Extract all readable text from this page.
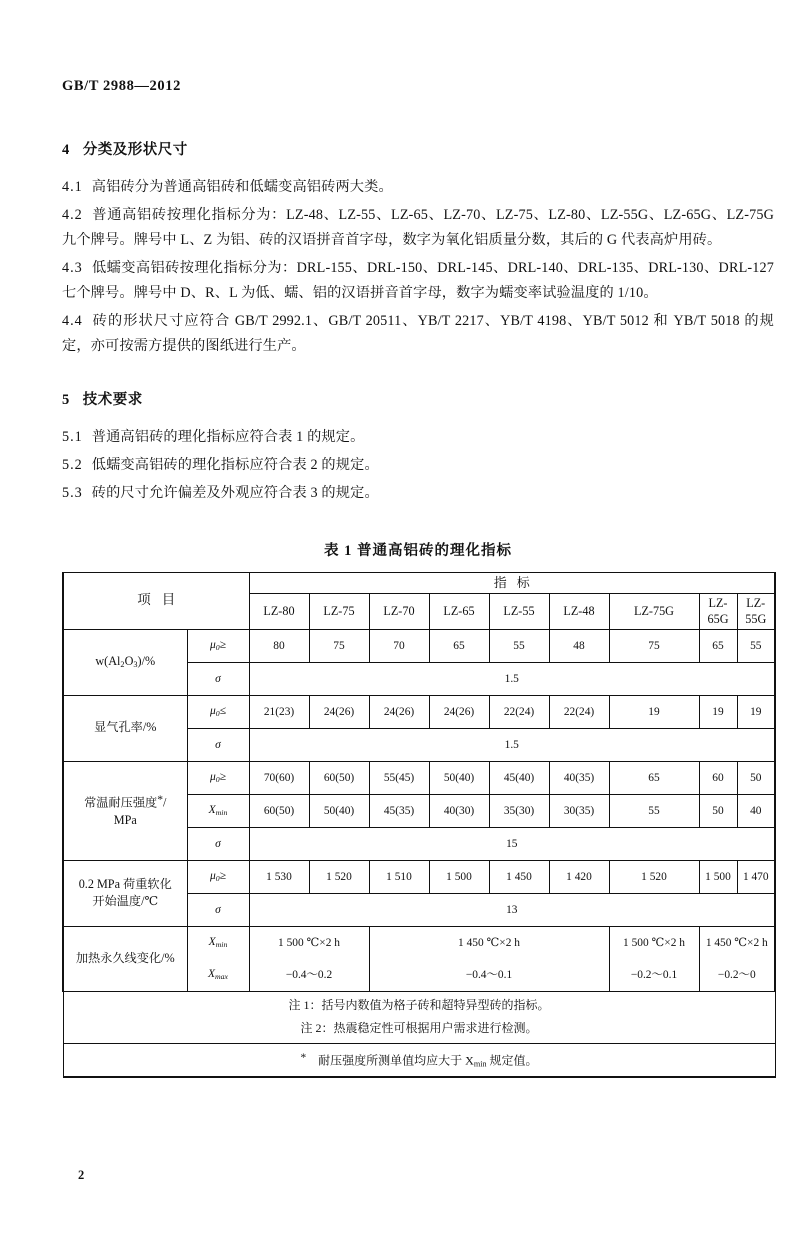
GB/T 2988—2012
4 分类及形状尺寸

4.1 高铝砖分为普通高铝砖和低蠕变高铝砖两大类。

4.2 普通高铝砖按理化指标分为：LZ-48、LZ-55、LZ-65、LZ-70、LZ-75、LZ-80、LZ-55G、LZ-65G、LZ-75G 九个牌号。牌号中 L、Z 为铝、砖的汉语拼音首字母，数字为氧化铝质量分数，其后的 G 代表高炉用砖。

4.3 低蠕变高铝砖按理化指标分为：DRL-155、DRL-150、DRL-145、DRL-140、DRL-135、DRL-130、DRL-127 七个牌号。牌号中 D、R、L 为低、蠕、铝的汉语拼音首字母，数字为蠕变率试验温度的 1/10。

4.4 砖的形状尺寸应符合 GB/T 2992.1、GB/T 20511、YB/T 2217、YB/T 4198、YB/T 5012 和 YB/T 5018 的规定，亦可按需方提供的图纸进行生产。

5 技术要求

5.1 普通高铝砖的理化指标应符合表 1 的规定。

5.2 低蠕变高铝砖的理化指标应符合表 2 的规定。

5.3 砖的尺寸允许偏差及外观应符合表 3 的规定。

表 1 普通高铝砖的理化指标
项目		指标								
		LZ-80	LZ-75	LZ-70	LZ-65	LZ-55	LZ-48	LZ-75G	LZ-65G	LZ-55G
$w(Al_2O_3)/\%$	$\mu_0\ge$	80	75	70	65	55	48	75	65	55
	σ	1.5								
显气孔率/%	$\mu_0\le$	21(23)	24(26)	24(26)	24(26)	22(24)	22(24)	19	19	19
	σ	1.5								
常温耐压强度*/
MPa	$\mu_0\ge$	70(60)	60(50)	55(45)	50(40)	45(40)	40(35)	65	60	50
	$X_{min}$	60(50)	50(40)	45(35)	40(30)	35(30)	30(35)	55	50	40
	σ	15								
0.2 MPa 荷重软化
开始温度/℃	$\mu_0\ge$	1 530	1 520	1 510	1 500	1 450	1 420	1 520	1 500	1 470
	σ	13								
加热永久线变化/%	$X_{min}$	1 500 ℃×2 h		1 450 ℃×2 h				1 500 ℃×2 h	1 450 ℃×2 h	
	$X_{max}$	−0.4～0.2		−0.4～0.1				−0.2～0.1	−0.2～0	

注 1：括号内数值为格子砖和超特异型砖的指标。
注 2：热震稳定性可根据用户需求进行检测。										

*　耐压强度所测单值均应大于 $X_{min}$ 规定值。										
2
